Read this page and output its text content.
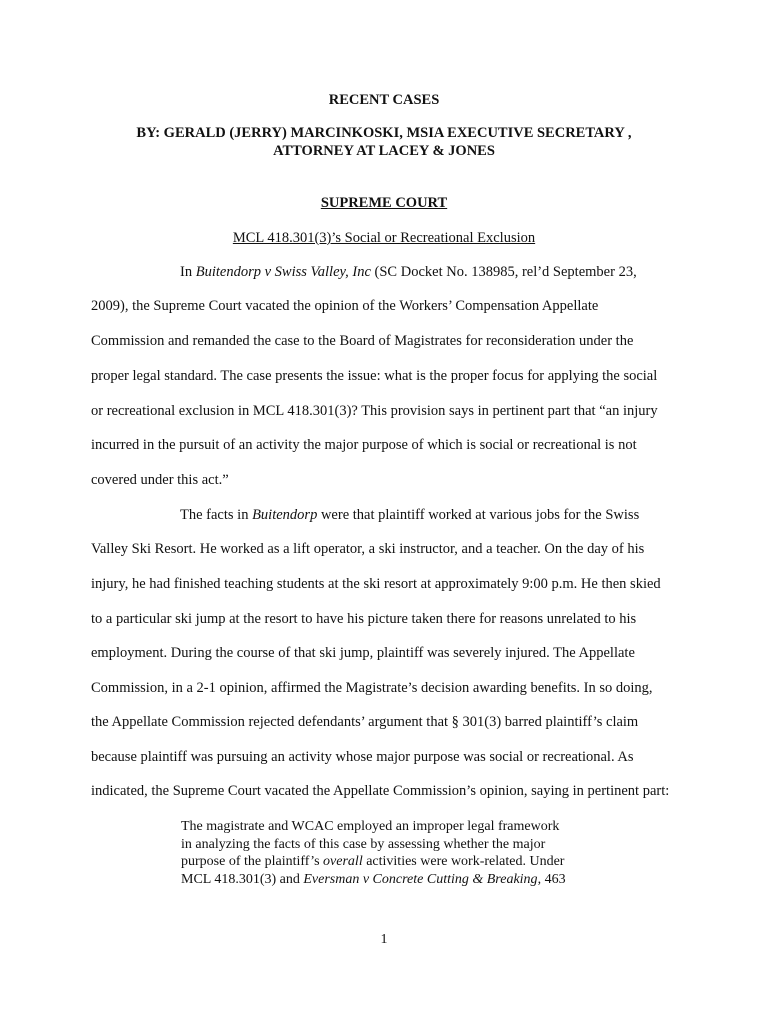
RECENT CASES
BY: GERALD (JERRY) MARCINKOSKI, MSIA EXECUTIVE SECRETARY ,
ATTORNEY AT LACEY & JONES
SUPREME COURT
MCL 418.301(3)’s Social or Recreational Exclusion
In Buitendorp v Swiss Valley, Inc (SC Docket No. 138985, rel’d September 23,
2009), the Supreme Court vacated the opinion of the Workers’ Compensation Appellate
Commission and remanded the case to the Board of Magistrates for reconsideration under the
proper legal standard. The case presents the issue: what is the proper focus for applying the social
or recreational exclusion in MCL 418.301(3)? This provision says in pertinent part that “an injury
incurred in the pursuit of an activity the major purpose of which is social or recreational is not
covered under this act.”
The facts in Buitendorp were that plaintiff worked at various jobs for the Swiss
Valley Ski Resort. He worked as a lift operator, a ski instructor, and a teacher. On the day of his
injury, he had finished teaching students at the ski resort at approximately 9:00 p.m. He then skied
to a particular ski jump at the resort to have his picture taken there for reasons unrelated to his
employment. During the course of that ski jump, plaintiff was severely injured. The Appellate
Commission, in a 2-1 opinion, affirmed the Magistrate’s decision awarding benefits. In so doing,
the Appellate Commission rejected defendants’ argument that § 301(3) barred plaintiff’s claim
because plaintiff was pursuing an activity whose major purpose was social or recreational. As
indicated, the Supreme Court vacated the Appellate Commission’s opinion, saying in pertinent part:
The magistrate and WCAC employed an improper legal framework
in analyzing the facts of this case by assessing whether the major
purpose of the plaintiff’s overall activities were work-related. Under
MCL 418.301(3) and Eversman v Concrete Cutting & Breaking, 463
1
